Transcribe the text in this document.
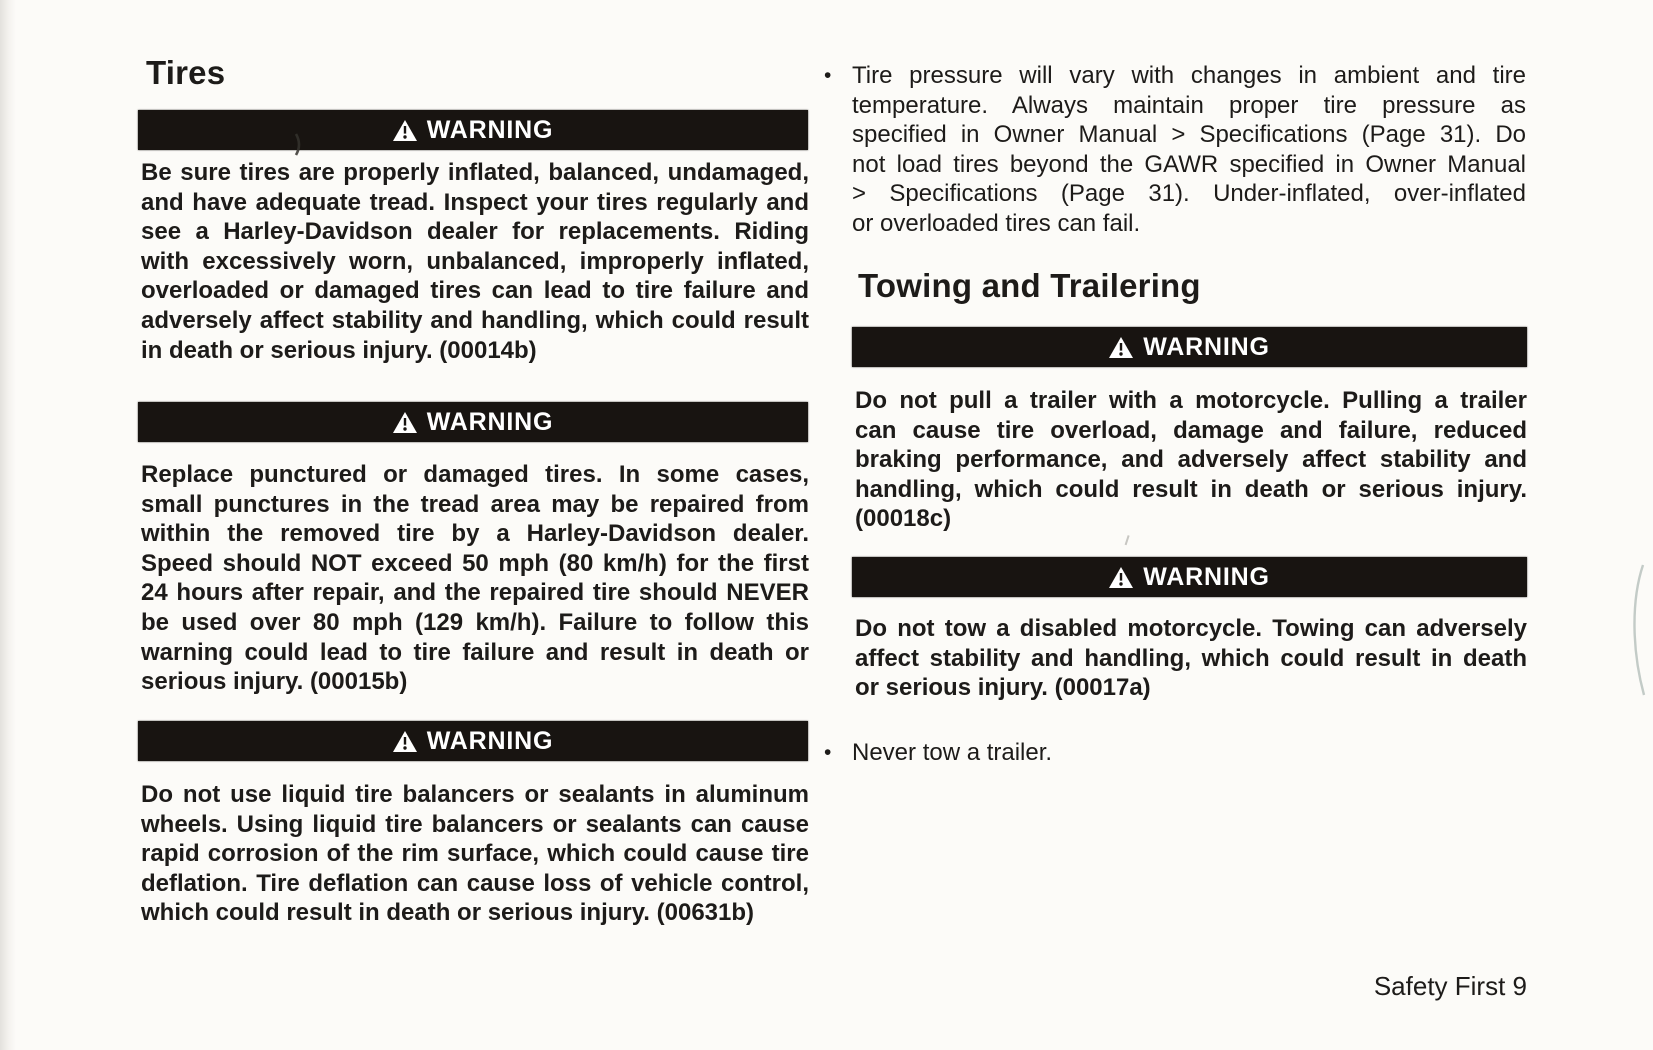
Tires
WARNING
Be sure tires are properly inflated, balanced, undamaged,
and have adequate tread. Inspect your tires regularly and
see a Harley-Davidson dealer for replacements. Riding
with excessively worn, unbalanced, improperly inflated,
overloaded or damaged tires can lead to tire failure and
adversely affect stability and handling, which could result
in death or serious injury. (00014b)
WARNING
Replace punctured or damaged tires. In some cases,
small punctures in the tread area may be repaired from
within the removed tire by a Harley-Davidson dealer.
Speed should NOT exceed 50 mph (80 km/h) for the first
24 hours after repair, and the repaired tire should NEVER
be used over 80 mph (129 km/h). Failure to follow this
warning could lead to tire failure and result in death or
serious injury. (00015b)
WARNING
Do not use liquid tire balancers or sealants in aluminum
wheels. Using liquid tire balancers or sealants can cause
rapid corrosion of the rim surface, which could cause tire
deflation. Tire deflation can cause loss of vehicle control,
which could result in death or serious injury. (00631b)
• Tire pressure will vary with changes in ambient and tire
temperature. Always maintain proper tire pressure as
specified in Owner Manual > Specifications (Page 31). Do
not load tires beyond the GAWR specified in Owner Manual
> Specifications (Page 31). Under-inflated, over-inflated
or overloaded tires can fail.
Towing and Trailering
WARNING
Do not pull a trailer with a motorcycle. Pulling a trailer
can cause tire overload, damage and failure, reduced
braking performance, and adversely affect stability and
handling, which could result in death or serious injury.
(00018c)
WARNING
Do not tow a disabled motorcycle. Towing can adversely
affect stability and handling, which could result in death
or serious injury. (00017a)
• Never tow a trailer.
Safety First 9
